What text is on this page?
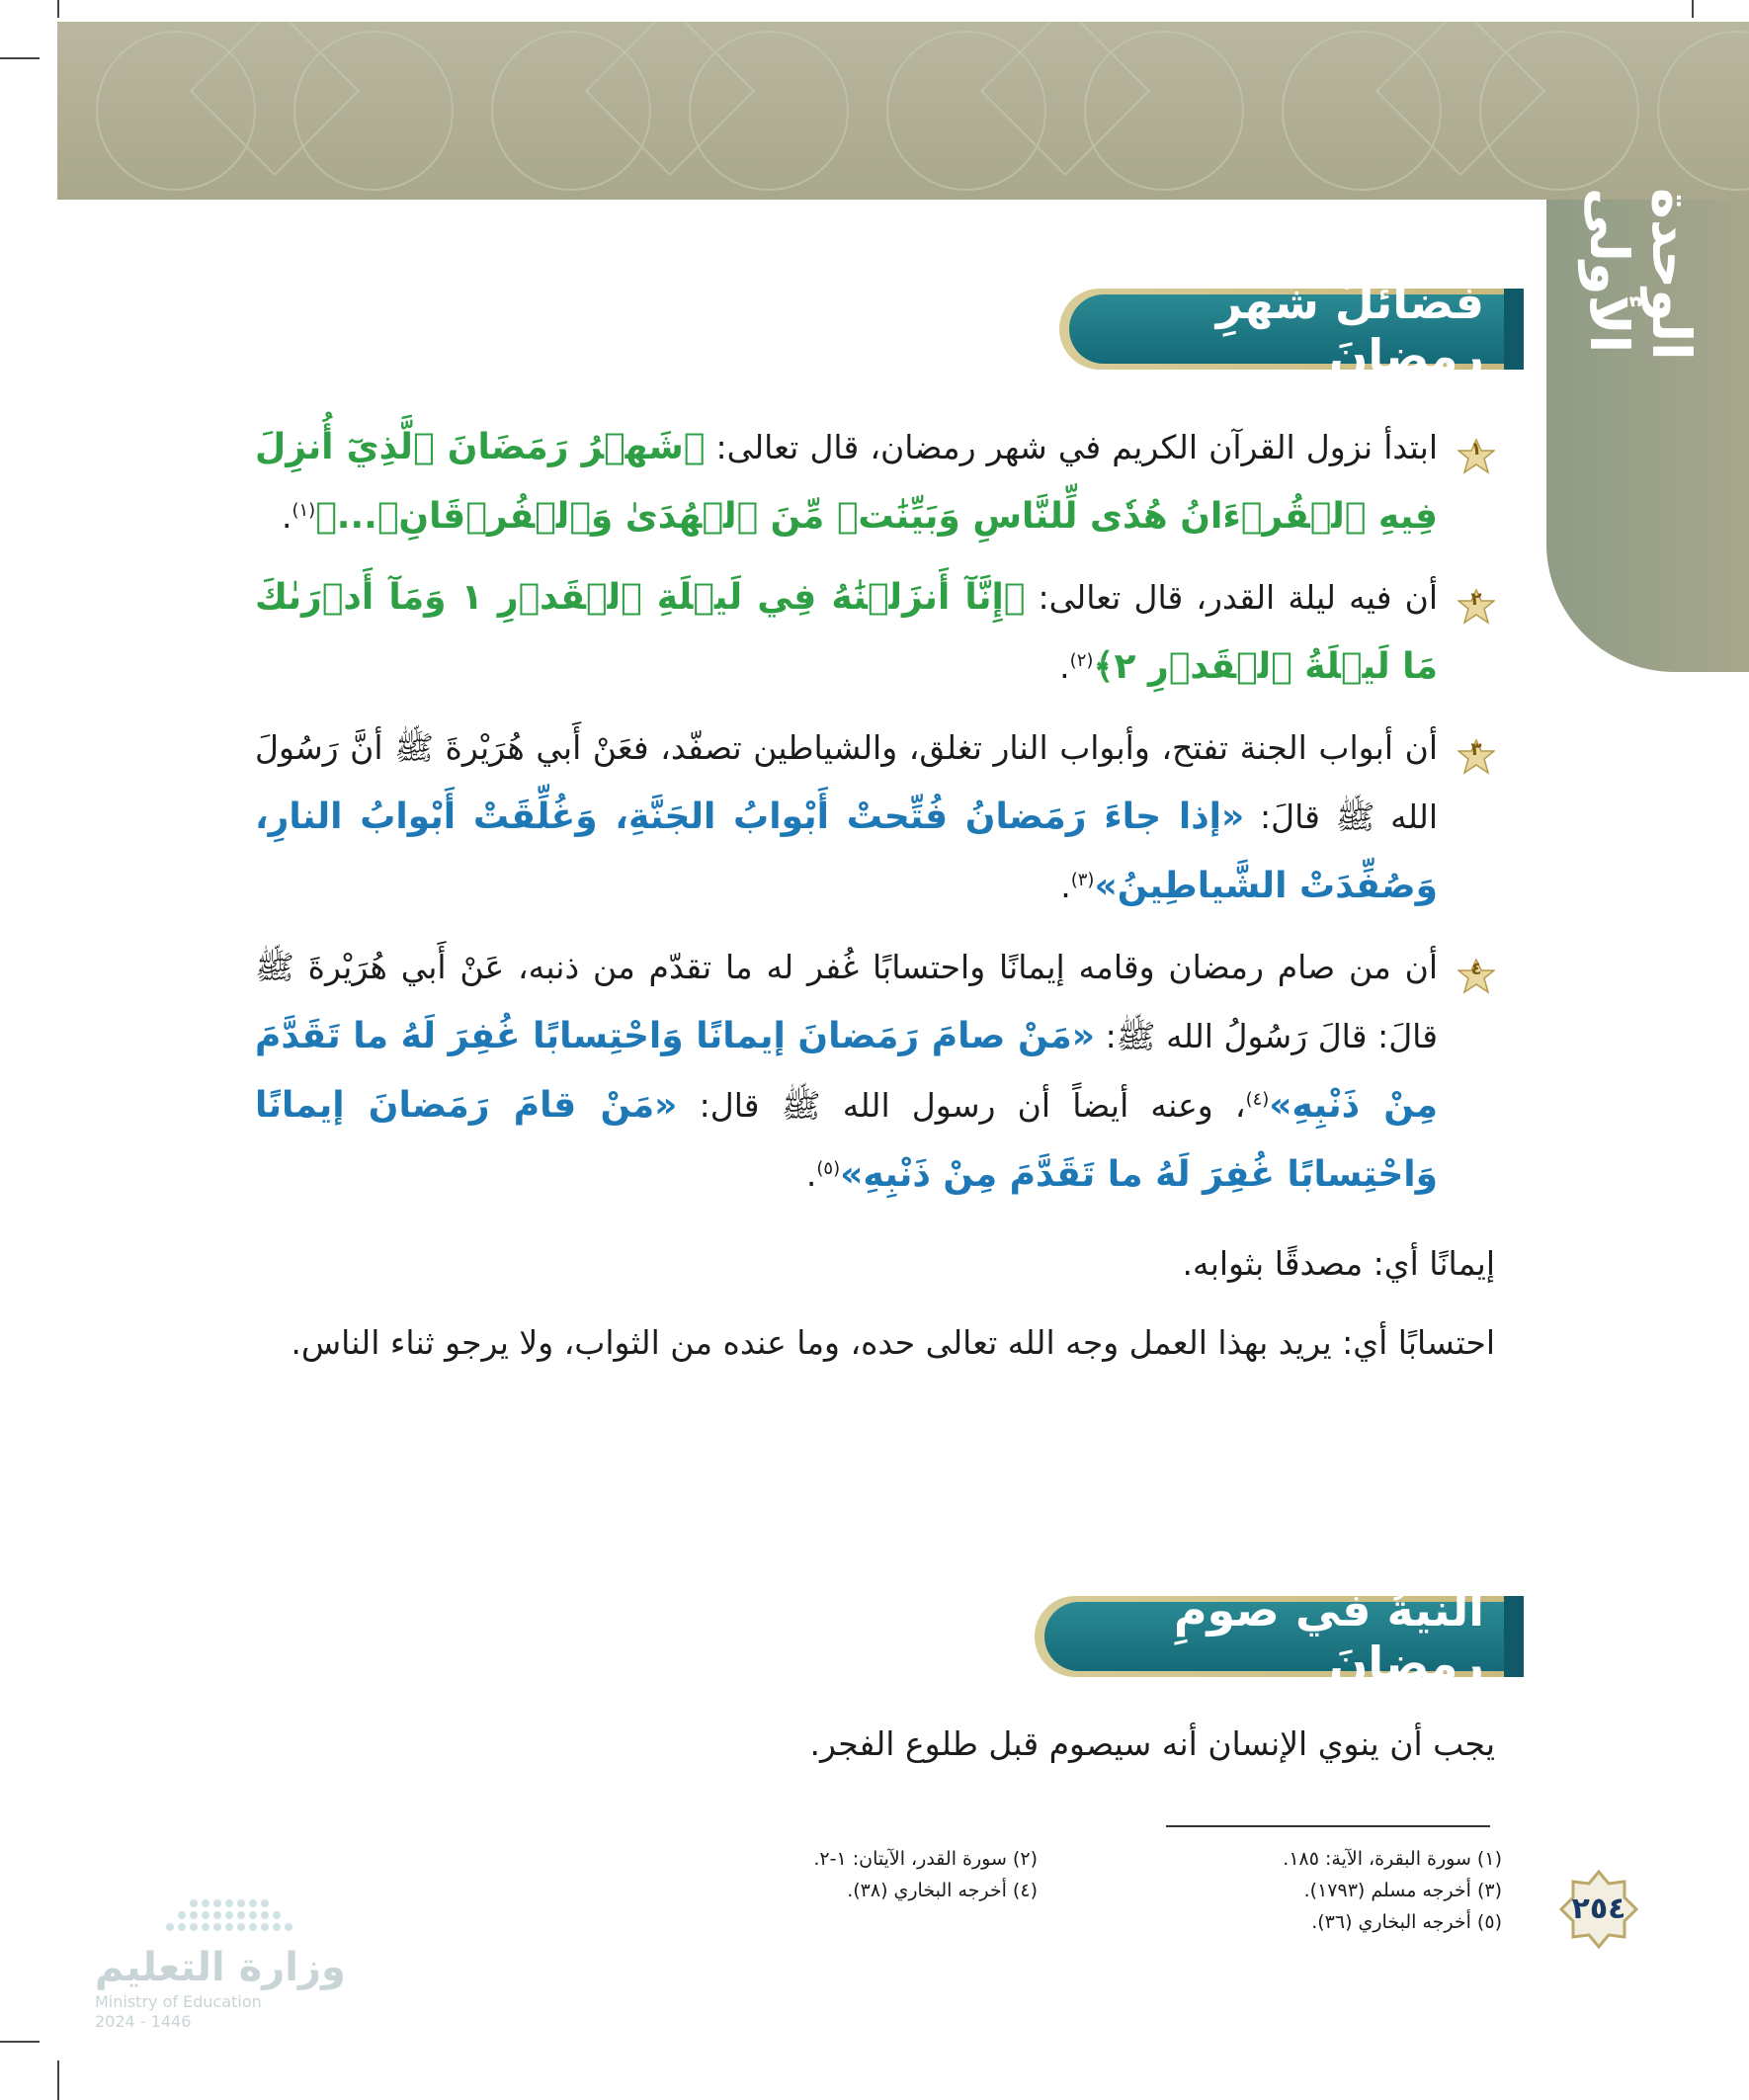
الوحدة الأولى
فضائلُ شهرِ رمضانَ
١
ابتدأ نزول القرآن الكريم في شهر رمضان، قال تعالى: ﴿شَهۡرُ رَمَضَانَ ٱلَّذِيٓ أُنزِلَ فِيهِ ٱلۡقُرۡءَانُ هُدٗى لِّلنَّاسِ وَبَيِّنَٰتٖ مِّنَ ٱلۡهُدَىٰ وَٱلۡفُرۡقَانِۚ...﴾$^{(١)}$.
٢
أن فيه ليلة القدر، قال تعالى: ﴿إِنَّآ أَنزَلۡنَٰهُ فِي لَيۡلَةِ ٱلۡقَدۡرِ ١ وَمَآ أَدۡرَىٰكَ مَا لَيۡلَةُ ٱلۡقَدۡرِ ٢﴾$^{(٢)}$.
٣
أن أبواب الجنة تفتح، وأبواب النار تغلق، والشياطين تصفّد، فعَنْ أَبي هُرَيْرةَ ﷺ أنَّ رَسُولَ الله ﷺ قالَ: «إذا جاءَ رَمَضانُ فُتِّحتْ أَبْوابُ الجَنَّةِ، وَغُلِّقَتْ أَبْوابُ النارِ، وَصُفِّدَتْ الشَّياطِينُ»$^{(٣)}$.
٤
أن من صام رمضان وقامه إيمانًا واحتسابًا غُفر له ما تقدّم من ذنبه، عَنْ أَبي هُرَيْرةَ ﷺ قالَ: قالَ رَسُولُ الله ﷺ: «مَنْ صامَ رَمَضانَ إيمانًا وَاحْتِسابًا غُفِرَ لَهُ ما تَقَدَّمَ مِنْ ذَنْبِهِ»$^{(٤)}$، وعنه أيضاً أن رسول الله ﷺ قال: «مَنْ قامَ رَمَضانَ إيمانًا وَاحْتِسابًا غُفِرَ لَهُ ما تَقَدَّمَ مِنْ ذَنْبِهِ»$^{(٥)}$.

إيمانًا أي: مصدقًا بثوابه.

احتسابًا أي: يريد بهذا العمل وجه الله تعالى حده، وما عنده من الثواب، ولا يرجو ثناء الناس.

النيةُ في صومِ رمضانَ

يجب أن ينوي الإنسان أنه سيصوم قبل طلوع الفجر.

(١) سورة البقرة، الآية: ١٨٥.
(٣) أخرجه مسلم (١٧٩٣).
(٥) أخرجه البخاري (٣٦).
(٢) سورة القدر، الآيتان: ١-٢.
(٤) أخرجه البخاري (٣٨).
٢٥٤
وزارة التعليم
Ministry of Education
2024 - 1446
